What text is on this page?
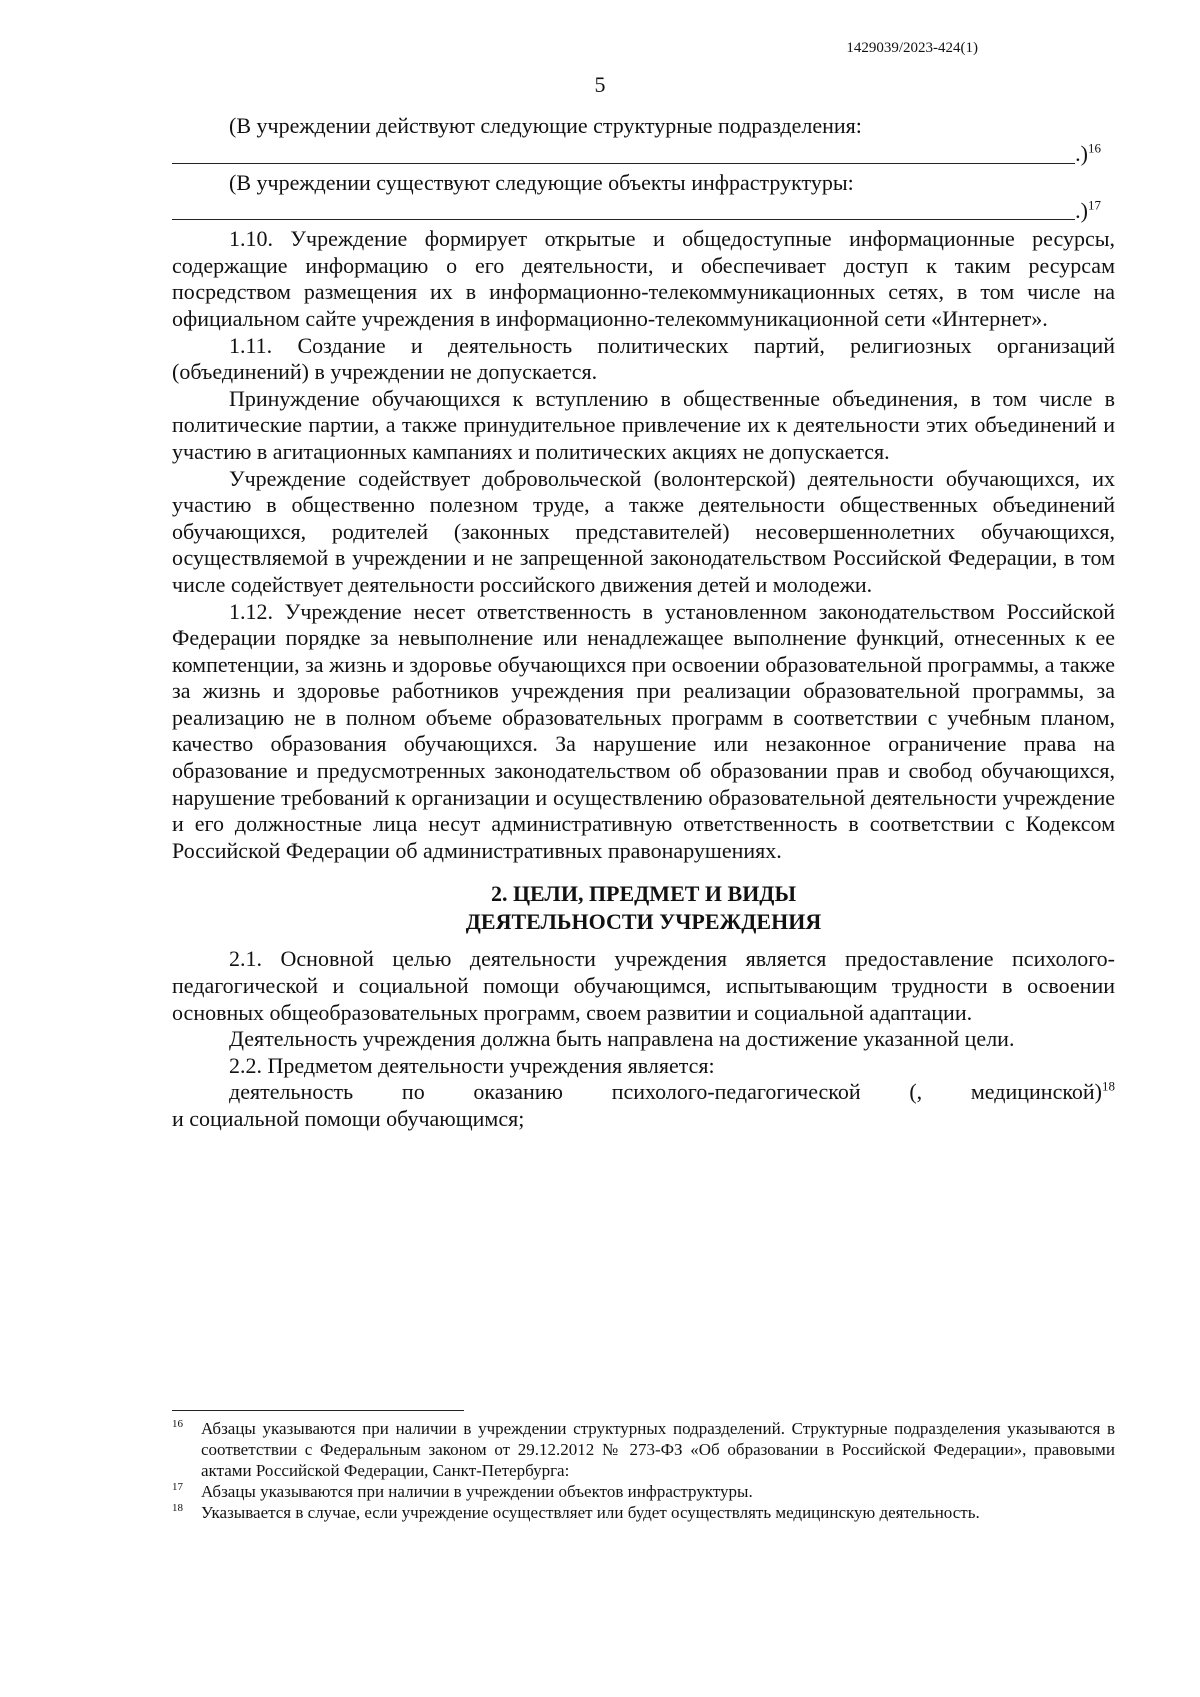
1429039/2023-424(1)
5

(В учреждении действуют следующие структурные подразделения:

.)$^{16}$

(В учреждении существуют следующие объекты инфраструктуры:

.)$^{17}$

1.10. Учреждение формирует открытые и общедоступные информационные ресурсы, содержащие информацию о его деятельности, и обеспечивает доступ к таким ресурсам посредством размещения их в информационно-телекоммуникационных сетях, в том числе на официальном сайте учреждения в информационно-телекоммуникационной сети «Интернет».

1.11. Создание и деятельность политических партий, религиозных организаций (объединений) в учреждении не допускается.

Принуждение обучающихся к вступлению в общественные объединения, в том числе в политические партии, а также принудительное привлечение их к деятельности этих объединений и участию в агитационных кампаниях и политических акциях не допускается.

Учреждение содействует добровольческой (волонтерской) деятельности обучающихся, их участию в общественно полезном труде, а также деятельности общественных объединений обучающихся, родителей (законных представителей) несовершеннолетних обучающихся, осуществляемой в учреждении и не запрещенной законодательством Российской Федерации, в том числе содействует деятельности российского движения детей и молодежи.

1.12. Учреждение несет ответственность в установленном законодательством Российской Федерации порядке за невыполнение или ненадлежащее выполнение функций, отнесенных к ее компетенции, за жизнь и здоровье обучающихся при освоении образовательной программы, а также за жизнь и здоровье работников учреждения при реализации образовательной программы, за реализацию не в полном объеме образовательных программ в соответствии с учебным планом, качество образования обучающихся. За нарушение или незаконное ограничение права на образование и предусмотренных законодательством об образовании прав и свобод обучающихся, нарушение требований к организации и осуществлению образовательной деятельности учреждение и его должностные лица несут административную ответственность в соответствии с Кодексом Российской Федерации об административных правонарушениях.

2. ЦЕЛИ, ПРЕДМЕТ И ВИДЫ
ДЕЯТЕЛЬНОСТИ УЧРЕЖДЕНИЯ

2.1. Основной целью деятельности учреждения является предоставление психолого-педагогической и социальной помощи обучающимся, испытывающим трудности в освоении основных общеобразовательных программ, своем развитии и социальной адаптации.

Деятельность учреждения должна быть направлена на достижение указанной цели.

2.2. Предметом деятельности учреждения является:

деятельность по оказанию психолого-педагогической (, медицинской)$^{18}$

и социальной помощи обучающимся;

16 Абзацы указываются при наличии в учреждении структурных подразделений. Структурные подразделения указываются в соответствии с Федеральным законом от 29.12.2012 № 273-ФЗ «Об образовании в Российской Федерации», правовыми актами Российской Федерации, Санкт-Петербурга:

17 Абзацы указываются при наличии в учреждении объектов инфраструктуры.

18 Указывается в случае, если учреждение осуществляет или будет осуществлять медицинскую деятельность.
